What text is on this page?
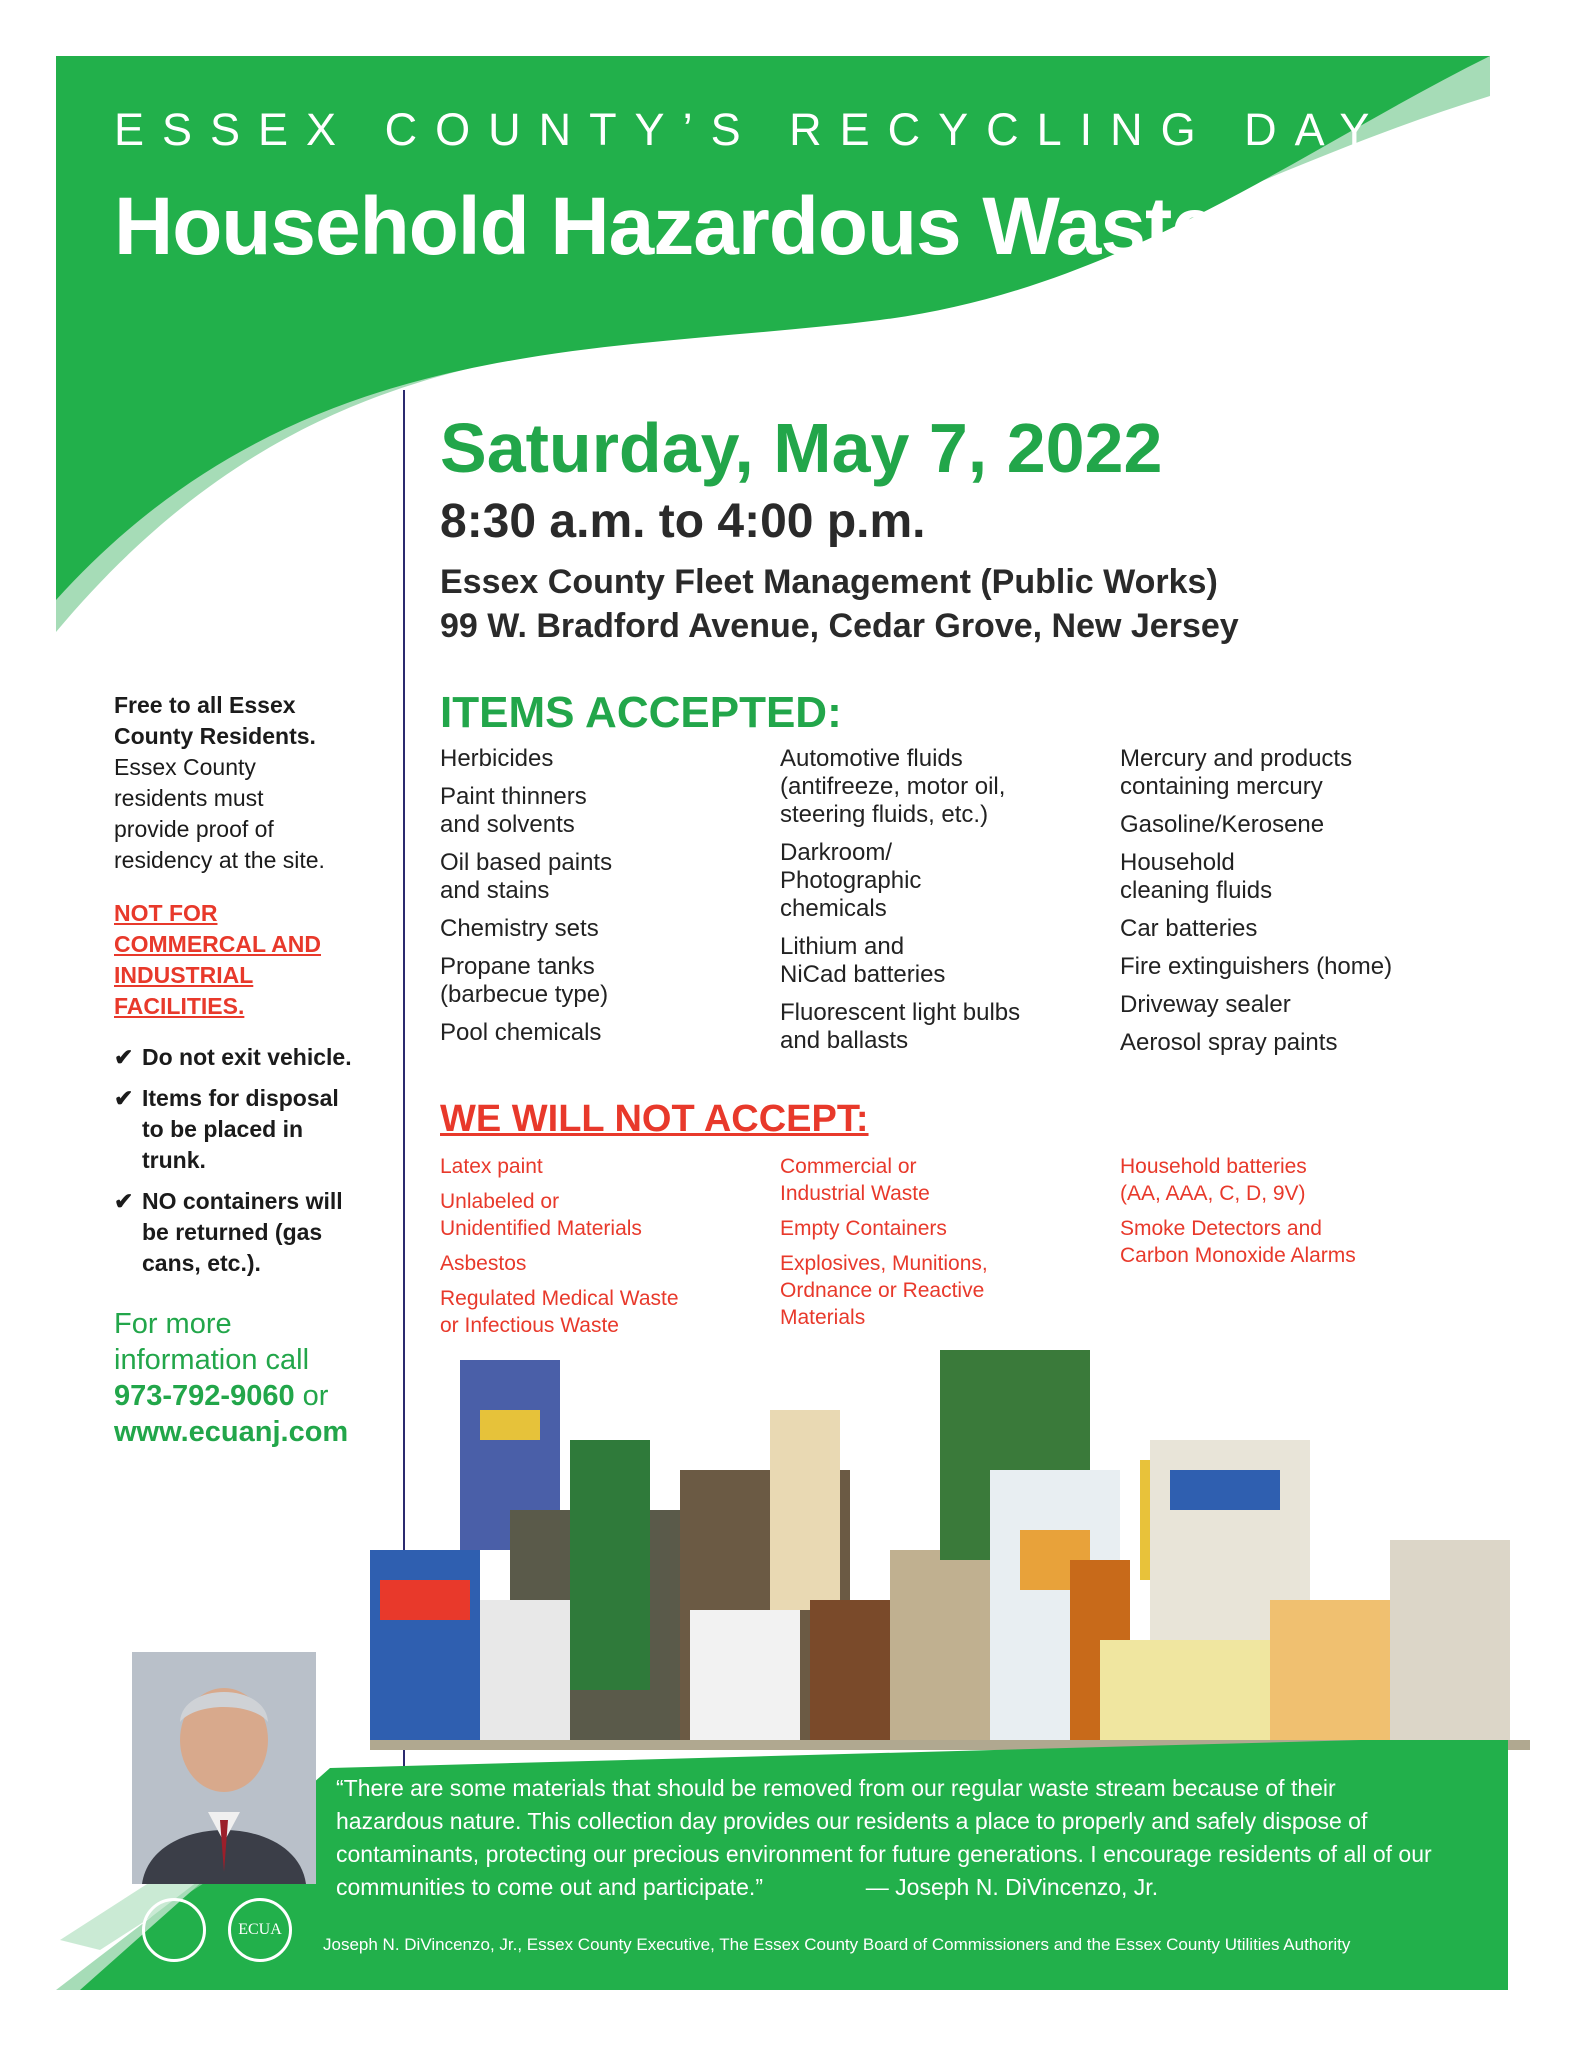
ESSEX COUNTY’S RECYCLING DAY
Household Hazardous Waste
Saturday, May 7, 2022
8:30 a.m. to 4:00 p.m.
Essex County Fleet Management (Public Works)
99 W. Bradford Avenue, Cedar Grove, New Jersey
ITEMS ACCEPTED:
Herbicides
Paint thinners
and solvents
Oil based paints
and stains
Chemistry sets
Propane tanks
(barbecue type)
Pool chemicals
Automotive fluids
(antifreeze, motor oil,
steering fluids, etc.)
Darkroom/
Photographic
chemicals
Lithium and
NiCad batteries
Fluorescent light bulbs
and ballasts
Mercury and products
containing mercury
Gasoline/Kerosene
Household
cleaning fluids
Car batteries
Fire extinguishers (home)
Driveway sealer
Aerosol spray paints
WE WILL NOT ACCEPT:
Latex paint
Unlabeled or
Unidentified Materials
Asbestos
Regulated Medical Waste
or Infectious Waste
Commercial or
Industrial Waste
Empty Containers
Explosives, Munitions,
Ordnance or Reactive
Materials
Household batteries
(AA, AAA, C, D, 9V)
Smoke Detectors and
Carbon Monoxide Alarms
Free to all Essex
County Residents.
Essex County
residents must
provide proof of
residency at the site.
NOT FOR
COMMERCAL AND
INDUSTRIAL
FACILITIES.
✔ Do not exit vehicle.
✔ Items for disposal
to be placed in
trunk.
✔ NO containers will
be returned (gas
cans, etc.).
For more
information call
973-792-9060 or
www.ecuanj.com
“There are some materials that should be removed from our regular waste stream because of their hazardous nature. This collection day provides our residents a place to properly and safely dispose of contaminants, protecting our precious environment for future generations. I encourage residents of all of our communities to come out and participate.”	— Joseph N. DiVincenzo, Jr.
ECUA
Joseph N. DiVincenzo, Jr., Essex County Executive, The Essex County Board of Commissioners and the Essex County Utilities Authority
